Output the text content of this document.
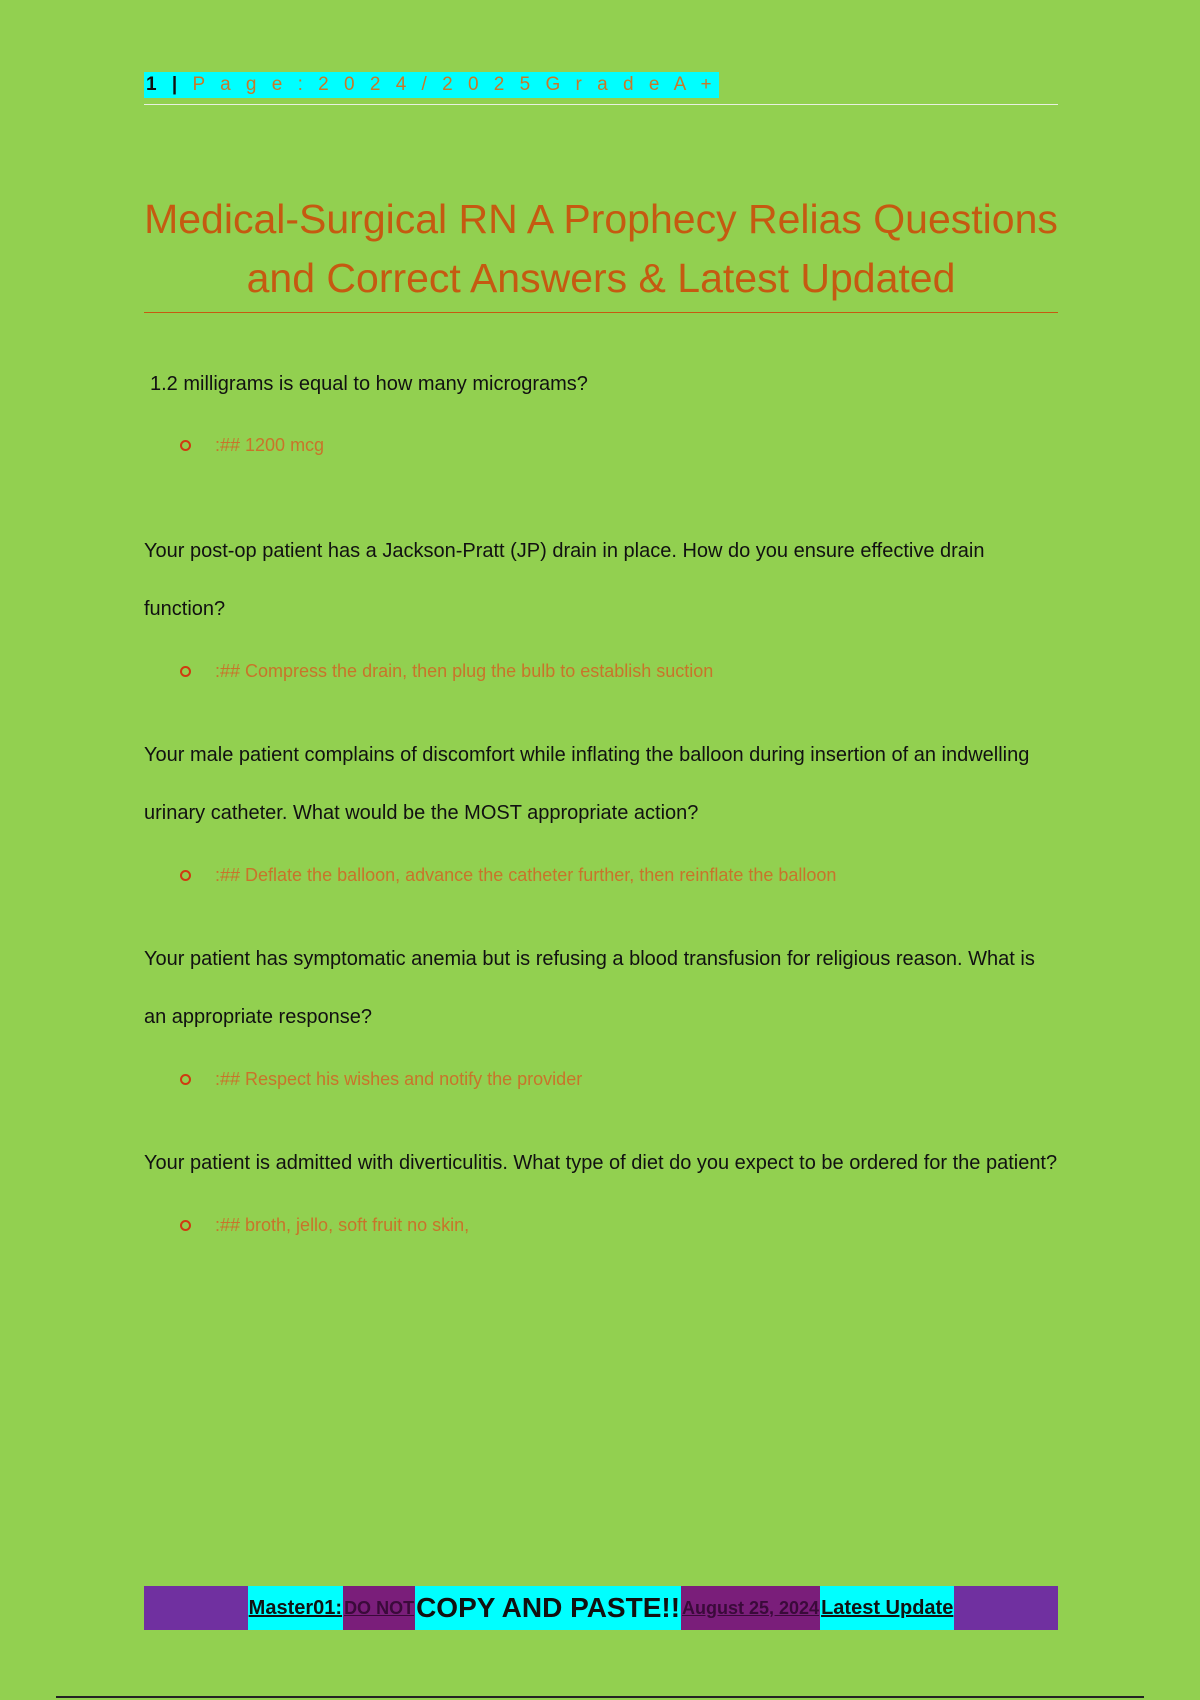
1 | P a g e : 2 0 2 4 / 2 0 2 5 G r a d e A +
Medical-Surgical RN A Prophecy Relias Questions and Correct Answers & Latest Updated

1.2 milligrams is equal to how many micrograms?

:## 1200 mcg

Your post-op patient has a Jackson-Pratt (JP) drain in place. How do you ensure effective drain function?

:## Compress the drain, then plug the bulb to establish suction

Your male patient complains of discomfort while inflating the balloon during insertion of an indwelling urinary catheter. What would be the MOST appropriate action?

:## Deflate the balloon, advance the catheter further, then reinflate the balloon

Your patient has symptomatic anemia but is refusing a blood transfusion for religious reason. What is an appropriate response?

:## Respect his wishes and notify the provider

Your patient is admitted with diverticulitis. What type of diet do you expect to be ordered for the patient?

:## broth, jello, soft fruit no skin,
Master01: DO NOT COPY AND PASTE!! August 25, 2024 Latest Update
